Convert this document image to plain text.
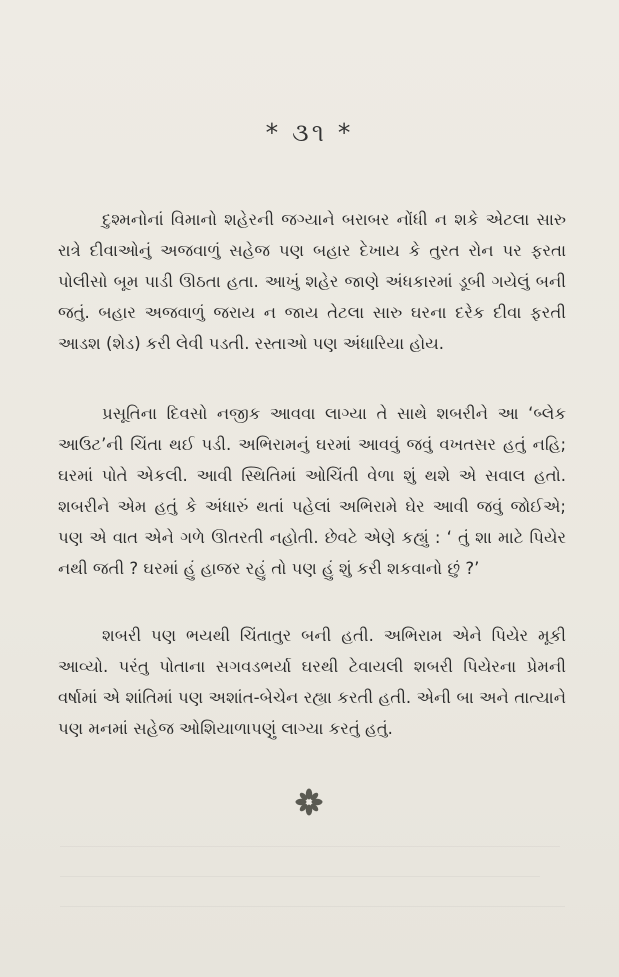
* ૩૧ *

દુશ્મનોનાં વિમાનો શહેરની જગ્યાને બરાબર નોંધી ન શકે એટલા સારુ રાત્રે દીવાઓનું અજવાળું સહેજ પણ બહાર દેખાય કે તુરત રોન પર ફરતા પોલીસો બૂમ પાડી ઊઠતા હતા. આખું શહેર જાણે અંધકારમાં ડૂબી ગયેલું બની જતું. બહાર અજવાળું જરાય ન જાય તેટલા સારુ ઘરના દરેક દીવા ફરતી આડશ (શેડ) કરી લેવી પડતી. રસ્તાઓ પણ અંધારિયા હોય.

પ્રસૂતિના દિવસો નજીક આવવા લાગ્યા તે સાથે શબરીને આ ‘બ્લેક આઉટ’ની ચિંતા થઈ પડી. અભિરામનું ઘરમાં આવવું જવું વખતસર હતું નહિ; ઘરમાં પોતે એકલી. આવી સ્થિતિમાં ઓચિંતી વેળા શું થશે એ સવાલ હતો. શબરીને એમ હતું કે અંધારું થતાં પહેલાં અભિરામે ઘેર આવી જવું જોઈએ; પણ એ વાત એને ગળે ઊતરતી નહોતી. છેવટે એણે કહ્યું : ‘ તું શા માટે પિયેર નથી જતી ? ઘરમાં હું હાજર રહું તો પણ હું શું કરી શકવાનો છું ?’

શબરી પણ ભયથી ચિંતાતુર બની હતી. અભિરામ એને પિયેર મૂકી આવ્યો. પરંતુ પોતાના સગવડભર્યા ઘરથી ટેવાયલી શબરી પિયેરના પ્રેમની વર્ષામાં એ શાંતિમાં પણ અશાંત-બેચેન રહ્યા કરતી હતી. એની બા અને તાત્યાને પણ મનમાં સહેજ ઓશિયાળાપણું લાગ્યા કરતું હતું.
